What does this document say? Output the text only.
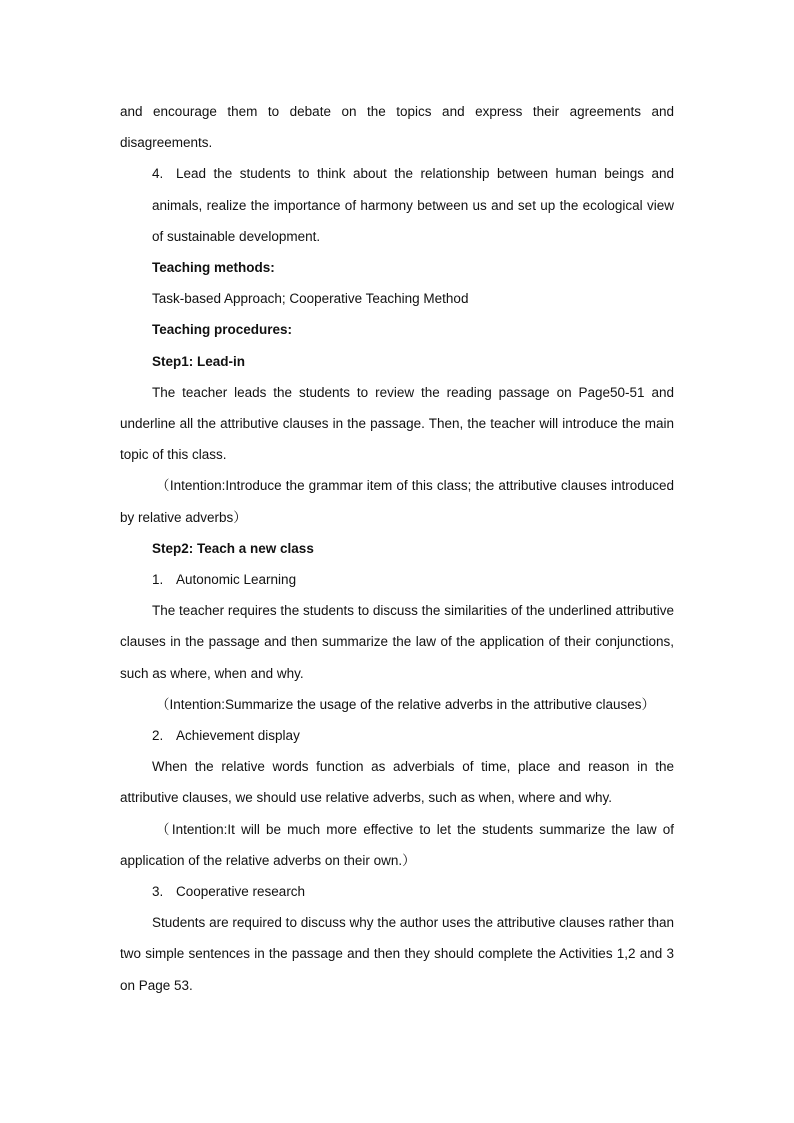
and encourage them to debate on the topics and express their agreements and disagreements.

4. Lead the students to think about the relationship between human beings and animals, realize the importance of harmony between us and set up the ecological view of sustainable development.

Teaching methods:

Task-based Approach; Cooperative Teaching Method

Teaching procedures:

Step1: Lead-in

The teacher leads the students to review the reading passage on Page50-51 and underline all the attributive clauses in the passage. Then, the teacher will introduce the main topic of this class.

（Intention:Introduce the grammar item of this class; the attributive clauses introduced by relative adverbs）

Step2: Teach a new class

1. Autonomic Learning

The teacher requires the students to discuss the similarities of the underlined attributive clauses in the passage and then summarize the law of the application of their conjunctions, such as where, when and why.

（Intention:Summarize the usage of the relative adverbs in the attributive clauses）

2. Achievement display

When the relative words function as adverbials of time, place and reason in the attributive clauses, we should use relative adverbs, such as when, where and why.

（Intention:It will be much more effective to let the students summarize the law of application of the relative adverbs on their own.）

3. Cooperative research

Students are required to discuss why the author uses the attributive clauses rather than two simple sentences in the passage and then they should complete the Activities 1,2 and 3 on Page 53.
